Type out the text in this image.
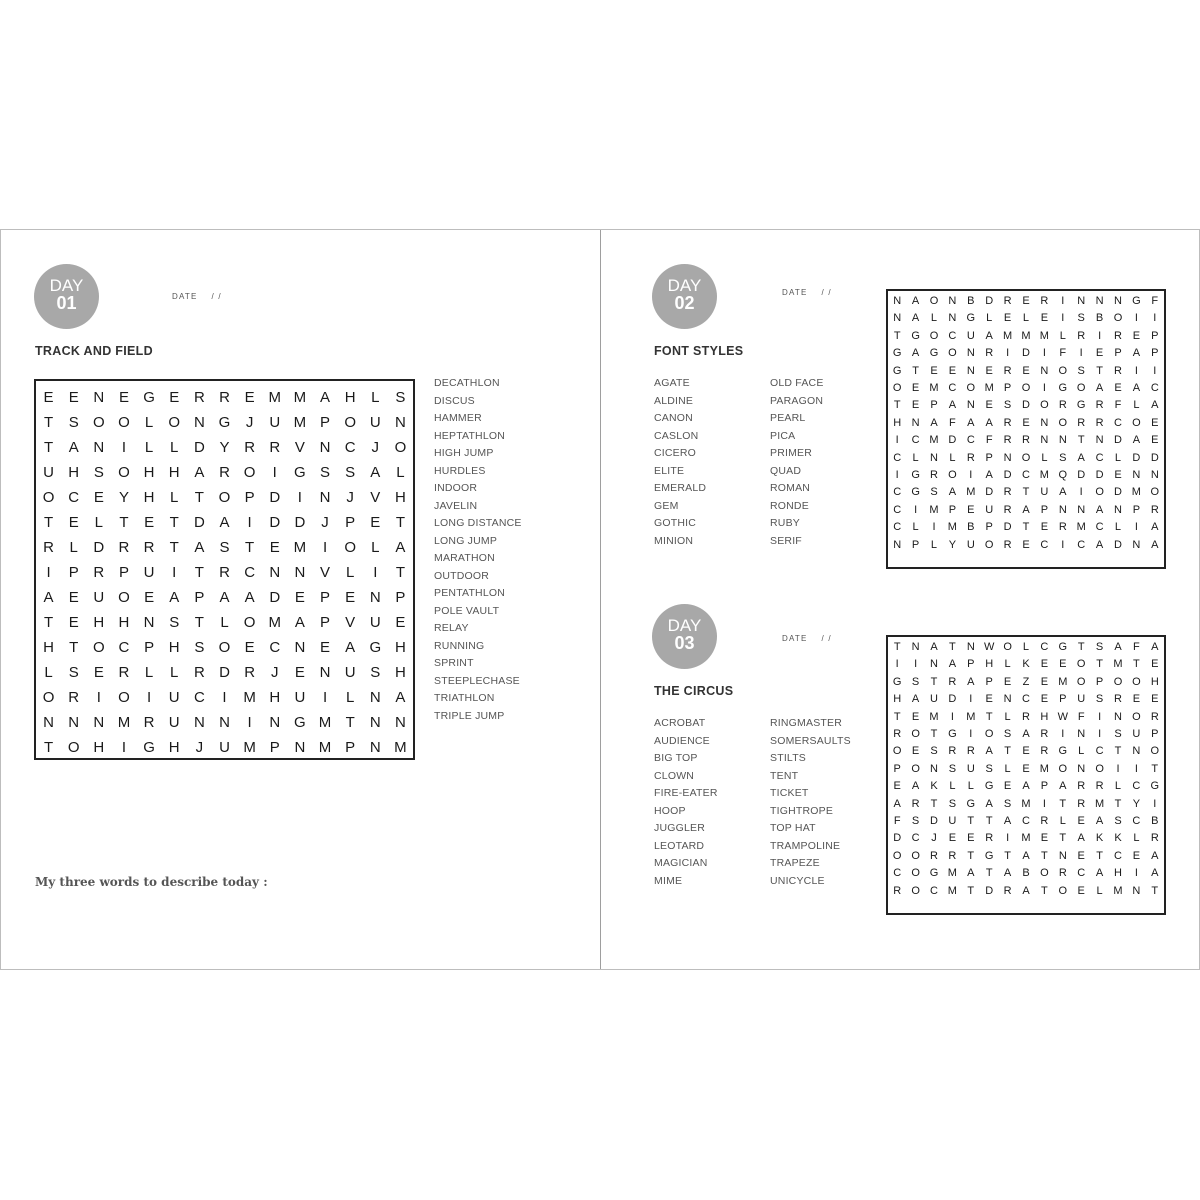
DAY
01	DATE / /
TRACK AND FIELD
E	E N E G E R R E M M A H	L	S
T	S O O	L	O N G	J	U M P O U N
T	A N	I	L	L	D Y R R V N C	J	O
U H S O H H A R O	I	G S	S	A	L
O C E	Y H	L	T O P D	I	N	J	V H
T	E	L	T	E	T	D A	I	D D	J	P	E	T
R	L	D R R	T	A	S	T	E M	I	O	L	A
I	P R P U	I	T	R C N N V	L	I	T
A	E U O E	A	P	A	A D E	P	E N P
T	E H H N S	T	L	O M A	P	V U E
H	T O C P H S O E C N E	A G H
L	S	E R	L	L	R D R	J	E N U S H
O R	I	O	I	U C	I	M H U	I	L	N A
N N N M R U N N	I	N G M T	N N
T O H	I	G H	J	U M P N M P N M
DECATHLON
DISCUS
HAMMER
HEPTATHLON
HIGH JUMP
HURDLES
INDOOR
JAVELIN
LONG DISTANCE
LONG JUMP
MARATHON
OUTDOOR
PENTATHLON
POLE VAULT
RELAY
RUNNING
SPRINT
STEEPLECHASE
TRIATHLON
TRIPLE JUMP
My three words to describe today :
DAY
02
DATE / /
FONT STYLES
N A O N B D R E R	I	N N N G F
N A	L	N G	L	E	L	E	I	S	B O	I	I
T G O C U A M M M L	R	I	R E	P
G A G O N R	I	D	I	F	I	E	P	A	P
G T	E	E N E R E N O S	T	R	I	I
O E M C O M P O	I	G O A	E	A C
T	E	P	A N E	S D O R G R	F	L	A
H N A	F	A	A R E N O R R C O E
I	C M D C	F	R R N N	T	N D A	E
C	L	N	L	R P N O	L	S	A C	L	D D
I	G R O	I	A D C M Q D D E N N
C G S	A M D R	T	U A	I	O D M O
C	I	M P	E U R A	P N N A N P R
C	L	I	M B	P D	T	E R M C	L	I	A
N P	L	Y U O R E C	I	C A D N A
AGATE
ALDINE
CANON
CASLON
CICERO
ELITE
EMERALD
GEM
GOTHIC
MINION
OLD FACE
PARAGON
PEARL
PICA
PRIMER
QUAD
ROMAN
RONDE
RUBY
SERIF
DAY
03	DATE / /
THE CIRCUS
T	N A	T	N W O	L	C G T	S	A	F	A
I	I	N A	P H	L	K	E	E O T M T	E
G S	T	R A	P	E	Z	E M O P O O H
H A U D	I	E N C E	P U S R E	E
T	E M	I	M T	L	R H W F	I	N O R
R O T G	I	O S	A R	I	N	I	S U P
O E	S R R A	T	E R G	L	C	T	N O
P O N S U S	L	E M O N O	I	I	T
E	A	K	L	L	G E	A	P	A R R	L	C G
A R	T	S G A	S M	I	T	R M T	Y	I
F	S D U	T	T	A C R	L	E	A	S C B
D C	J	E	E R	I	M E	T	A	K	K	L	R
O O R R	T G T	A	T	N E	T	C E	A
C O G M A	T	A	B O R C A H	I	A
R O C M T	D R A	T O E	L M N	T
ACROBAT
AUDIENCE
BIG TOP
CLOWN
FIRE-EATER
HOOP
JUGGLER
LEOTARD
MAGICIAN
MIME
RINGMASTER
SOMERSAULTS
STILTS
TENT
TICKET
TIGHTROPE
TOP HAT
TRAMPOLINE
TRAPEZE
UNICYCLE
